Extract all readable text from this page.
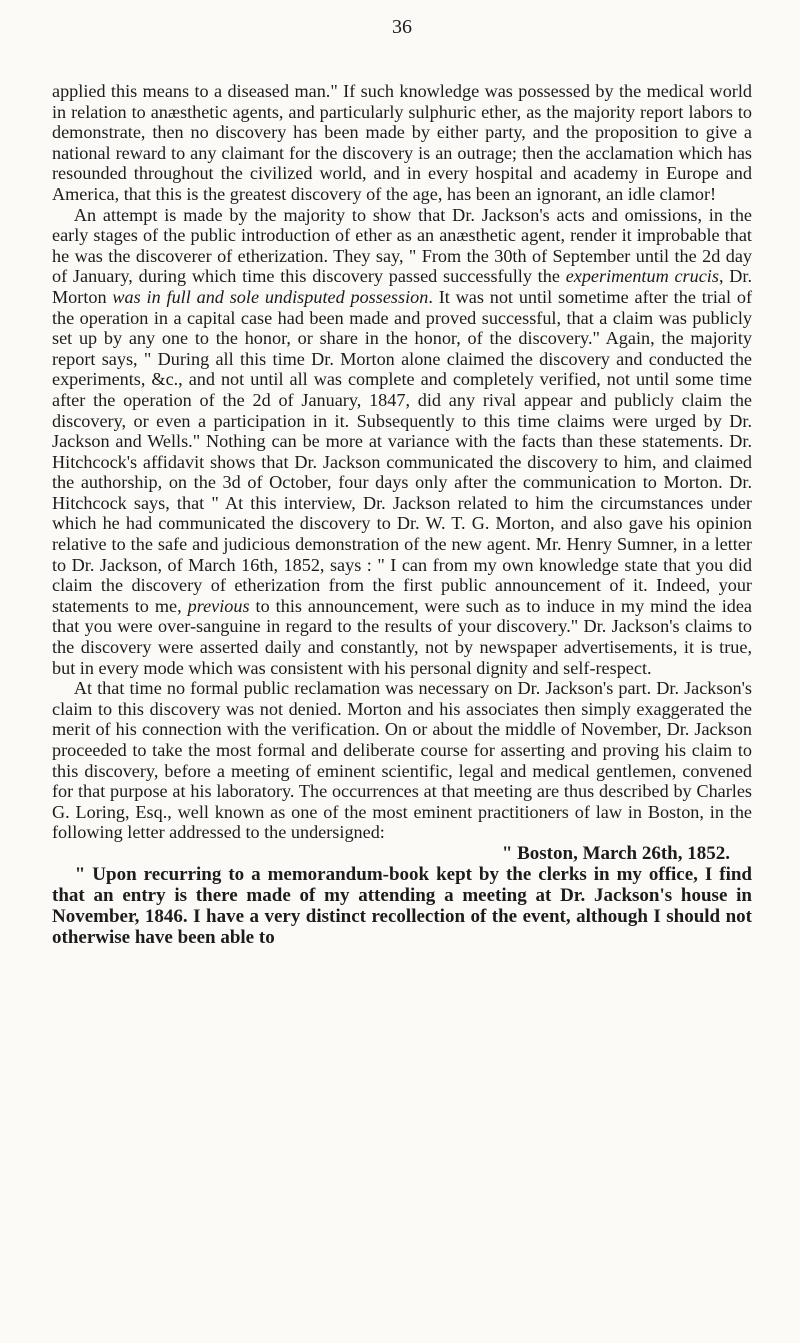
36

applied this means to a diseased man." If such knowledge was possessed by the medical world in relation to anæsthetic agents, and particularly sulphuric ether, as the majority report labors to demonstrate, then no discovery has been made by either party, and the proposition to give a national reward to any claimant for the discovery is an outrage; then the acclamation which has resounded throughout the civilized world, and in every hospital and academy in Europe and America, that this is the greatest discovery of the age, has been an ignorant, an idle clamor!

An attempt is made by the majority to show that Dr. Jackson's acts and omissions, in the early stages of the public introduction of ether as an anæsthetic agent, render it improbable that he was the discoverer of etherization. They say, " From the 30th of September until the 2d day of January, during which time this discovery passed successfully the experimentum crucis, Dr. Morton was in full and sole undisputed possession. It was not until sometime after the trial of the operation in a capital case had been made and proved successful, that a claim was publicly set up by any one to the honor, or share in the honor, of the discovery." Again, the majority report says, " During all this time Dr. Morton alone claimed the discovery and conducted the experiments, &c., and not until all was complete and completely verified, not until some time after the operation of the 2d of January, 1847, did any rival appear and publicly claim the discovery, or even a participation in it. Subsequently to this time claims were urged by Dr. Jackson and Wells." Nothing can be more at variance with the facts than these statements. Dr. Hitchcock's affidavit shows that Dr. Jackson communicated the discovery to him, and claimed the authorship, on the 3d of October, four days only after the communication to Morton. Dr. Hitchcock says, that " At this interview, Dr. Jackson related to him the circumstances under which he had communicated the discovery to Dr. W. T. G. Morton, and also gave his opinion relative to the safe and judicious demonstration of the new agent. Mr. Henry Sumner, in a letter to Dr. Jackson, of March 16th, 1852, says : " I can from my own knowledge state that you did claim the discovery of etherization from the first public announcement of it. Indeed, your statements to me, previous to this announcement, were such as to induce in my mind the idea that you were over-sanguine in regard to the results of your discovery." Dr. Jackson's claims to the discovery were asserted daily and constantly, not by newspaper advertisements, it is true, but in every mode which was consistent with his personal dignity and self-respect.

At that time no formal public reclamation was necessary on Dr. Jackson's part. Dr. Jackson's claim to this discovery was not denied. Morton and his associates then simply exaggerated the merit of his connection with the verification. On or about the middle of November, Dr. Jackson proceeded to take the most formal and deliberate course for asserting and proving his claim to this discovery, before a meeting of eminent scientific, legal and medical gentlemen, convened for that purpose at his laboratory. The occurrences at that meeting are thus described by Charles G. Loring, Esq., well known as one of the most eminent practitioners of law in Boston, in the following letter addressed to the undersigned:

" Boston, March 26th, 1852.

" Upon recurring to a memorandum-book kept by the clerks in my office, I find that an entry is there made of my attending a meeting at Dr. Jackson's house in November, 1846. I have a very distinct recollection of the event, although I should not otherwise have been able to
